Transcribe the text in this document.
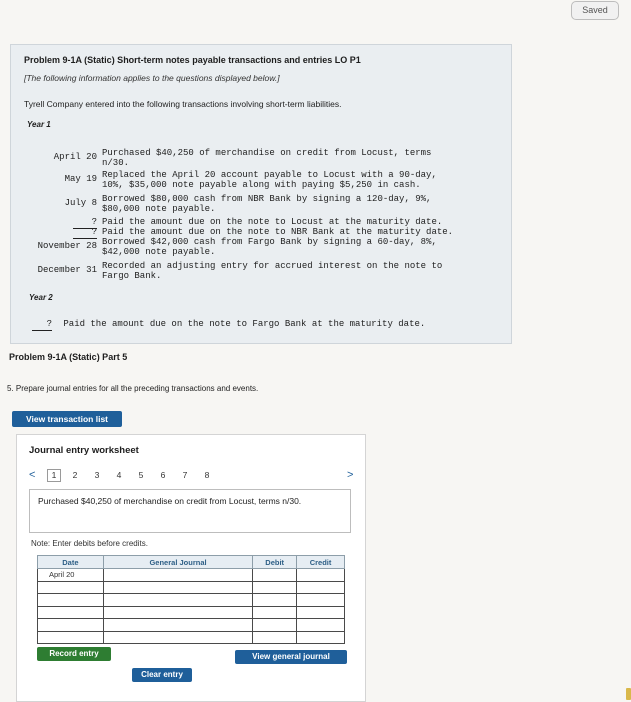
Saved
Problem 9-1A (Static) Short-term notes payable transactions and entries LO P1
[The following information applies to the questions displayed below.]
Tyrell Company entered into the following transactions involving short-term liabilities.
Year 1
April 20 Purchased $40,250 of merchandise on credit from Locust, terms
n/30.
May 19 Replaced the April 20 account payable to Locust with a 90-day,
10%, $35,000 note payable along with paying $5,250 in cash.
July 8 Borrowed $80,000 cash from NBR Bank by signing a 120-day, 9%,
$80,000 note payable.
? Paid the amount due on the note to Locust at the maturity date.
? Paid the amount due on the note to NBR Bank at the maturity date.
November 28 Borrowed $42,000 cash from Fargo Bank by signing a 60-day, 8%,
$42,000 note payable.
December 31 Recorded an adjusting entry for accrued interest on the note to
Fargo Bank.
Year 2
? Paid the amount due on the note to Fargo Bank at the maturity date.
Problem 9-1A (Static) Part 5
5. Prepare journal entries for all the preceding transactions and events.
View transaction list
Journal entry worksheet
<	>
1	2	3	4	5	6	7	8
Purchased $40,250 of merchandise on credit from Locust, terms n/30.
Note: Enter debits before credits.
Date	General Journal	Debit	Credit
April 20			

Record entry
Clear entry
View general journal
